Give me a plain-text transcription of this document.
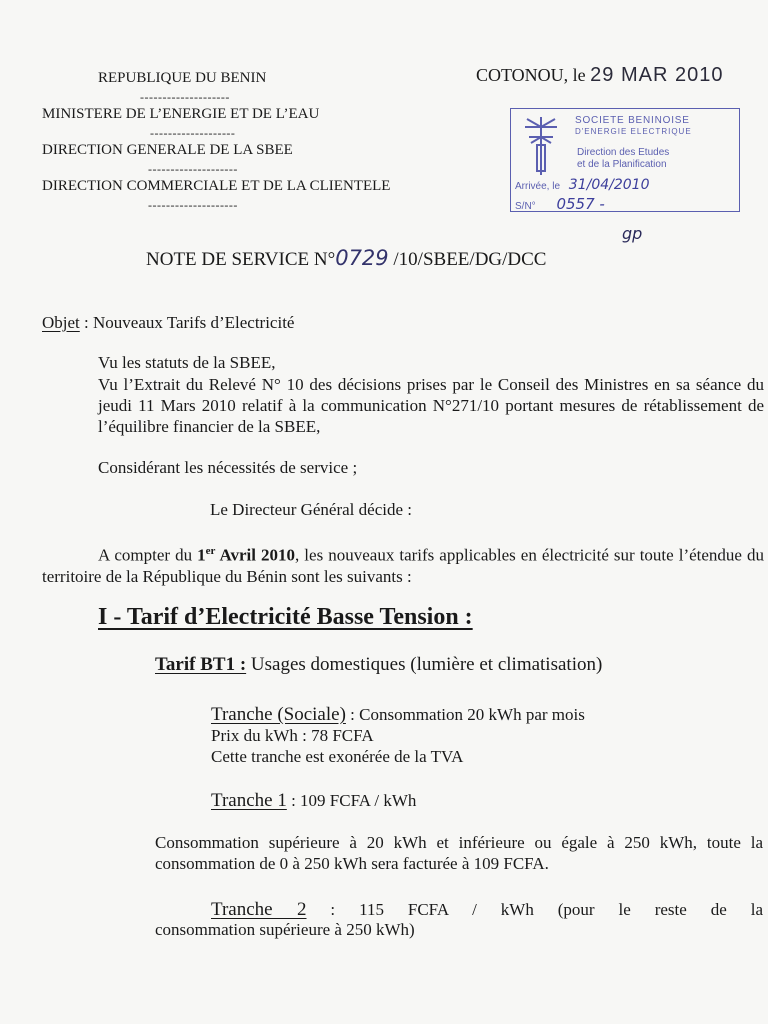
REPUBLIQUE DU BENIN
--------------------
MINISTERE DE L’ENERGIE ET DE L’EAU
-------------------
DIRECTION GENERALE DE LA SBEE
--------------------
DIRECTION COMMERCIALE ET DE LA CLIENTELE
--------------------
COTONOU, le 29 MAR 2010
SOCIETE BENINOISE
D'ENERGIE ELECTRIQUE
Direction des Etudes
et de la Planification
Arrivée, le 31/04/2010
S/N° 0557 -
gp
NOTE DE SERVICE N°0729 /10/SBEE/DG/DCC
Objet : Nouveaux Tarifs d’Electricité
Vu les statuts de la SBEE,
Vu l’Extrait du Relevé N° 10 des décisions prises par le Conseil des Ministres en sa séance du jeudi 11 Mars 2010 relatif à la communication N°271/10 portant mesures de rétablissement de l’équilibre financier de la SBEE,
Considérant les nécessités de service ;
Le Directeur Général décide :
A compter du 1er Avril 2010, les nouveaux tarifs applicables en électricité sur toute l’étendue du territoire de la République du Bénin sont les suivants :
I - Tarif d’Electricité Basse Tension :
Tarif BT1 : Usages domestiques (lumière et climatisation)
Tranche (Sociale) : Consommation 20 kWh par mois
Prix du kWh : 78 FCFA
Cette tranche est exonérée de la TVA
Tranche 1 : 109 FCFA / kWh
Consommation supérieure à 20 kWh et inférieure ou égale à 250 kWh, toute la consommation de 0 à 250 kWh sera facturée à 109 FCFA.
Tranche 2 : 115 FCFA / kWh (pour le reste de la
consommation supérieure à 250 kWh)
